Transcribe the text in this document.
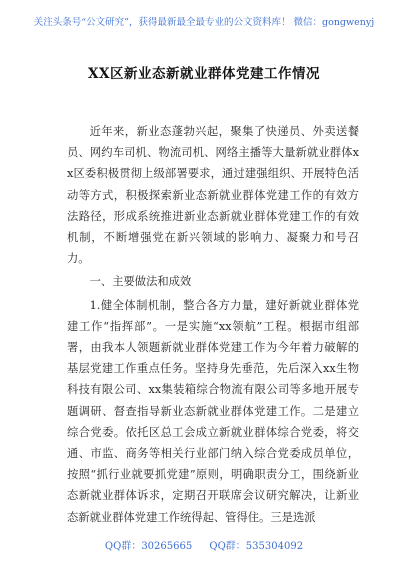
关注头条号“公文研究”，获得最新最全最专业的公文资料库！ 微信：gongwenyj
XX区新业态新就业群体党建工作情况

近年来，新业态蓬勃兴起，聚集了快递员、外卖送餐员、网约车司机、物流司机、网络主播等大量新就业群体xx区委积极贯彻上级部署要求，通过建强组织、开展特色活动等方式，积极探索新业态新就业群体党建工作的有效方法路径，形成系统推进新业态新就业群体党建工作的有效机制，不断增强党在新兴领域的影响力、凝聚力和号召力。

一、主要做法和成效

1.健全体制机制，整合各方力量，建好新就业群体党建工作“指挥部”。一是实施“xx领航”工程。根据市组部署，由我本人领题新就业群体党建工作为今年着力破解的基层党建工作重点任务。坚持身先垂范，先后深入xx生物科技有限公司、xx集装箱综合物流有限公司等多地开展专题调研、督查指导新业态新就业群体党建工作。二是建立综合党委。依托区总工会成立新就业群体综合党委，将交通、市监、商务等相关行业部门纳入综合党委成员单位，按照“抓行业就要抓党建”原则，明确职责分工，围绕新业态新就业群体诉求，定期召开联席会议研究解决，让新业态新就业群体党建工作统得起、管得住。三是选派

QQ群：30265665 QQ群：535304092
